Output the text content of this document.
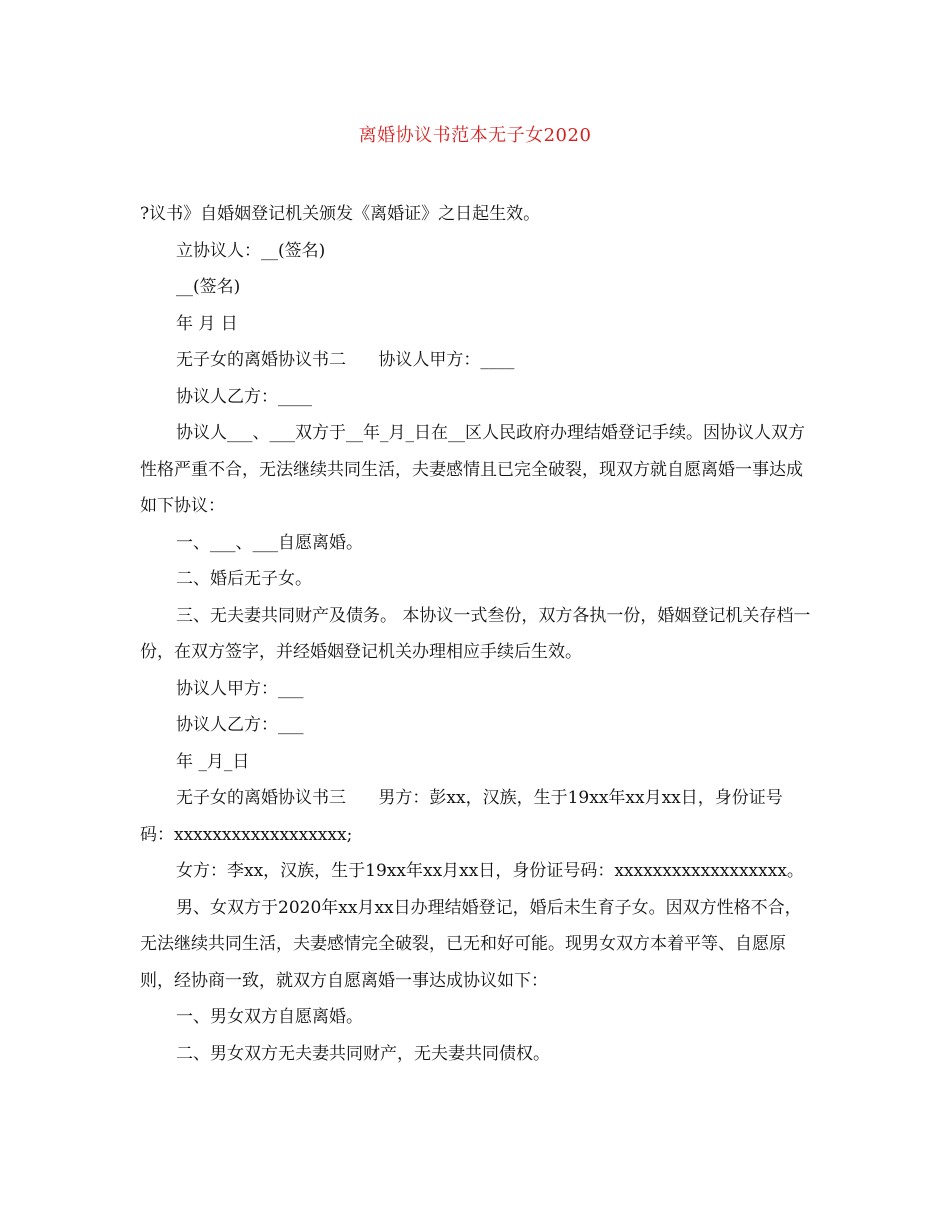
离婚协议书范本无子女2020

?议书》自婚姻登记机关颁发《离婚证》之日起生效。

立协议人：__(签名)

__(签名)

年 月 日

无子女的离婚协议书二      协议人甲方：____

协议人乙方：____

协议人___、___双方于__年_月_日在__区人民政府办理结婚登记手续。因协议人双方性格严重不合，无法继续共同生活，夫妻感情且已完全破裂，现双方就自愿离婚一事达成如下协议：

一、___、___自愿离婚。

二、婚后无子女。

三、无夫妻共同财产及债务。 本协议一式叁份，双方各执一份，婚姻登记机关存档一份，在双方签字，并经婚姻登记机关办理相应手续后生效。

协议人甲方：___

协议人乙方：___

年 _月_日

无子女的离婚协议书三      男方：彭xx，汉族，生于19xx年xx月xx日，身份证号码：xxxxxxxxxxxxxxxxxx;

女方：李xx，汉族，生于19xx年xx月xx日，身份证号码：xxxxxxxxxxxxxxxxxx。

男、女双方于2020年xx月xx日办理结婚登记，婚后未生育子女。因双方性格不合，无法继续共同生活，夫妻感情完全破裂，已无和好可能。现男女双方本着平等、自愿原则，经协商一致，就双方自愿离婚一事达成协议如下：

一、男女双方自愿离婚。

二、男女双方无夫妻共同财产，无夫妻共同债权。
